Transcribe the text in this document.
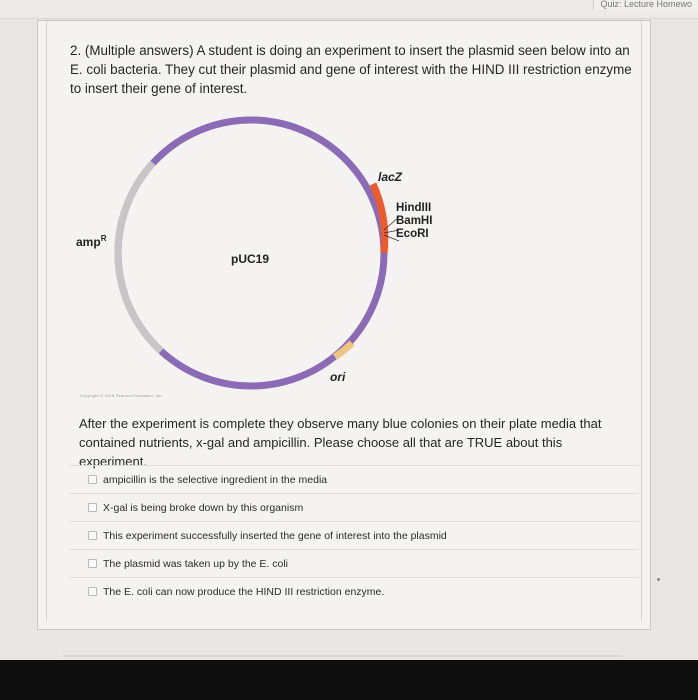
Quiz: Lecture Homewo

2. (Multiple answers) A student is doing an experiment to insert the plasmid seen below into an E. coli bacteria. They cut their plasmid and gene of interest with the HIND III restriction enzyme to insert their gene of interest.

lacZ
HindIII
BamHI
EcoRI
amp$^R$
pUC19
ori
Copyright © 2016 Pearson Education, Inc.

After the experiment is complete they observe many blue colonies on their plate media that contained nutrients, x-gal and ampicillin. Please choose all that are TRUE about this experiment.

ampicillin is the selective ingredient in the media
X-gal is being broke down by this organism
This experiment successfully inserted the gene of interest into the plasmid
The plasmid was taken up by the E. coli
The E. coli can now produce the HIND III restriction enzyme.
